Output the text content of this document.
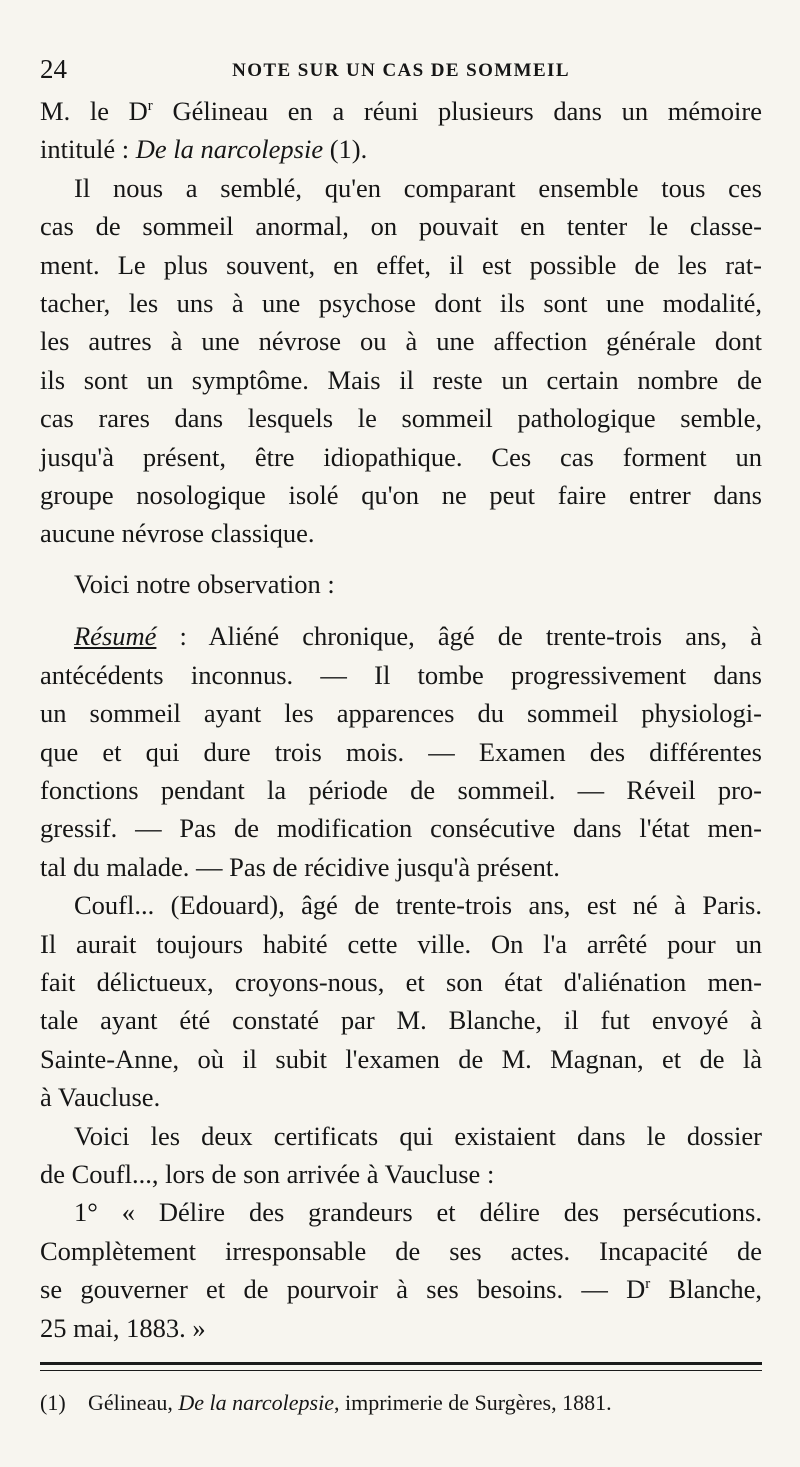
24	NOTE SUR UN CAS DE SOMMEIL

M. le $D^r$ Gélineau en a réuni plusieurs dans un mémoire
intitulé : De la narcolepsie (1).

Il nous a semblé, qu'en comparant ensemble tous ces
cas de sommeil anormal, on pouvait en tenter le classe-
ment. Le plus souvent, en effet, il est possible de les rat-
tacher, les uns à une psychose dont ils sont une modalité,
les autres à une névrose ou à une affection générale dont
ils sont un symptôme. Mais il reste un certain nombre de
cas rares dans lesquels le sommeil pathologique semble,
jusqu'à présent, être idiopathique. Ces cas forment un
groupe nosologique isolé qu'on ne peut faire entrer dans
aucune névrose classique.

Voici notre observation :

Résumé : Aliéné chronique, âgé de trente-trois ans, à
antécédents inconnus. — Il tombe progressivement dans
un sommeil ayant les apparences du sommeil physiologi-
que et qui dure trois mois. — Examen des différentes
fonctions pendant la période de sommeil. — Réveil pro-
gressif. — Pas de modification consécutive dans l'état men-
tal du malade. — Pas de récidive jusqu'à présent.

Coufl... (Edouard), âgé de trente-trois ans, est né à Paris.
Il aurait toujours habité cette ville. On l'a arrêté pour un
fait délictueux, croyons-nous, et son état d'aliénation men-
tale ayant été constaté par M. Blanche, il fut envoyé à
Sainte-Anne, où il subit l'examen de M. Magnan, et de là
à Vaucluse.

Voici les deux certificats qui existaient dans le dossier
de Coufl..., lors de son arrivée à Vaucluse :

1° « Délire des grandeurs et délire des persécutions.
Complètement irresponsable de ses actes. Incapacité de
se gouverner et de pourvoir à ses besoins. — $D^r$ Blanche,
25 mai, 1883. »

(1) Gélineau, De la narcolepsie, imprimerie de Surgères, 1881.
